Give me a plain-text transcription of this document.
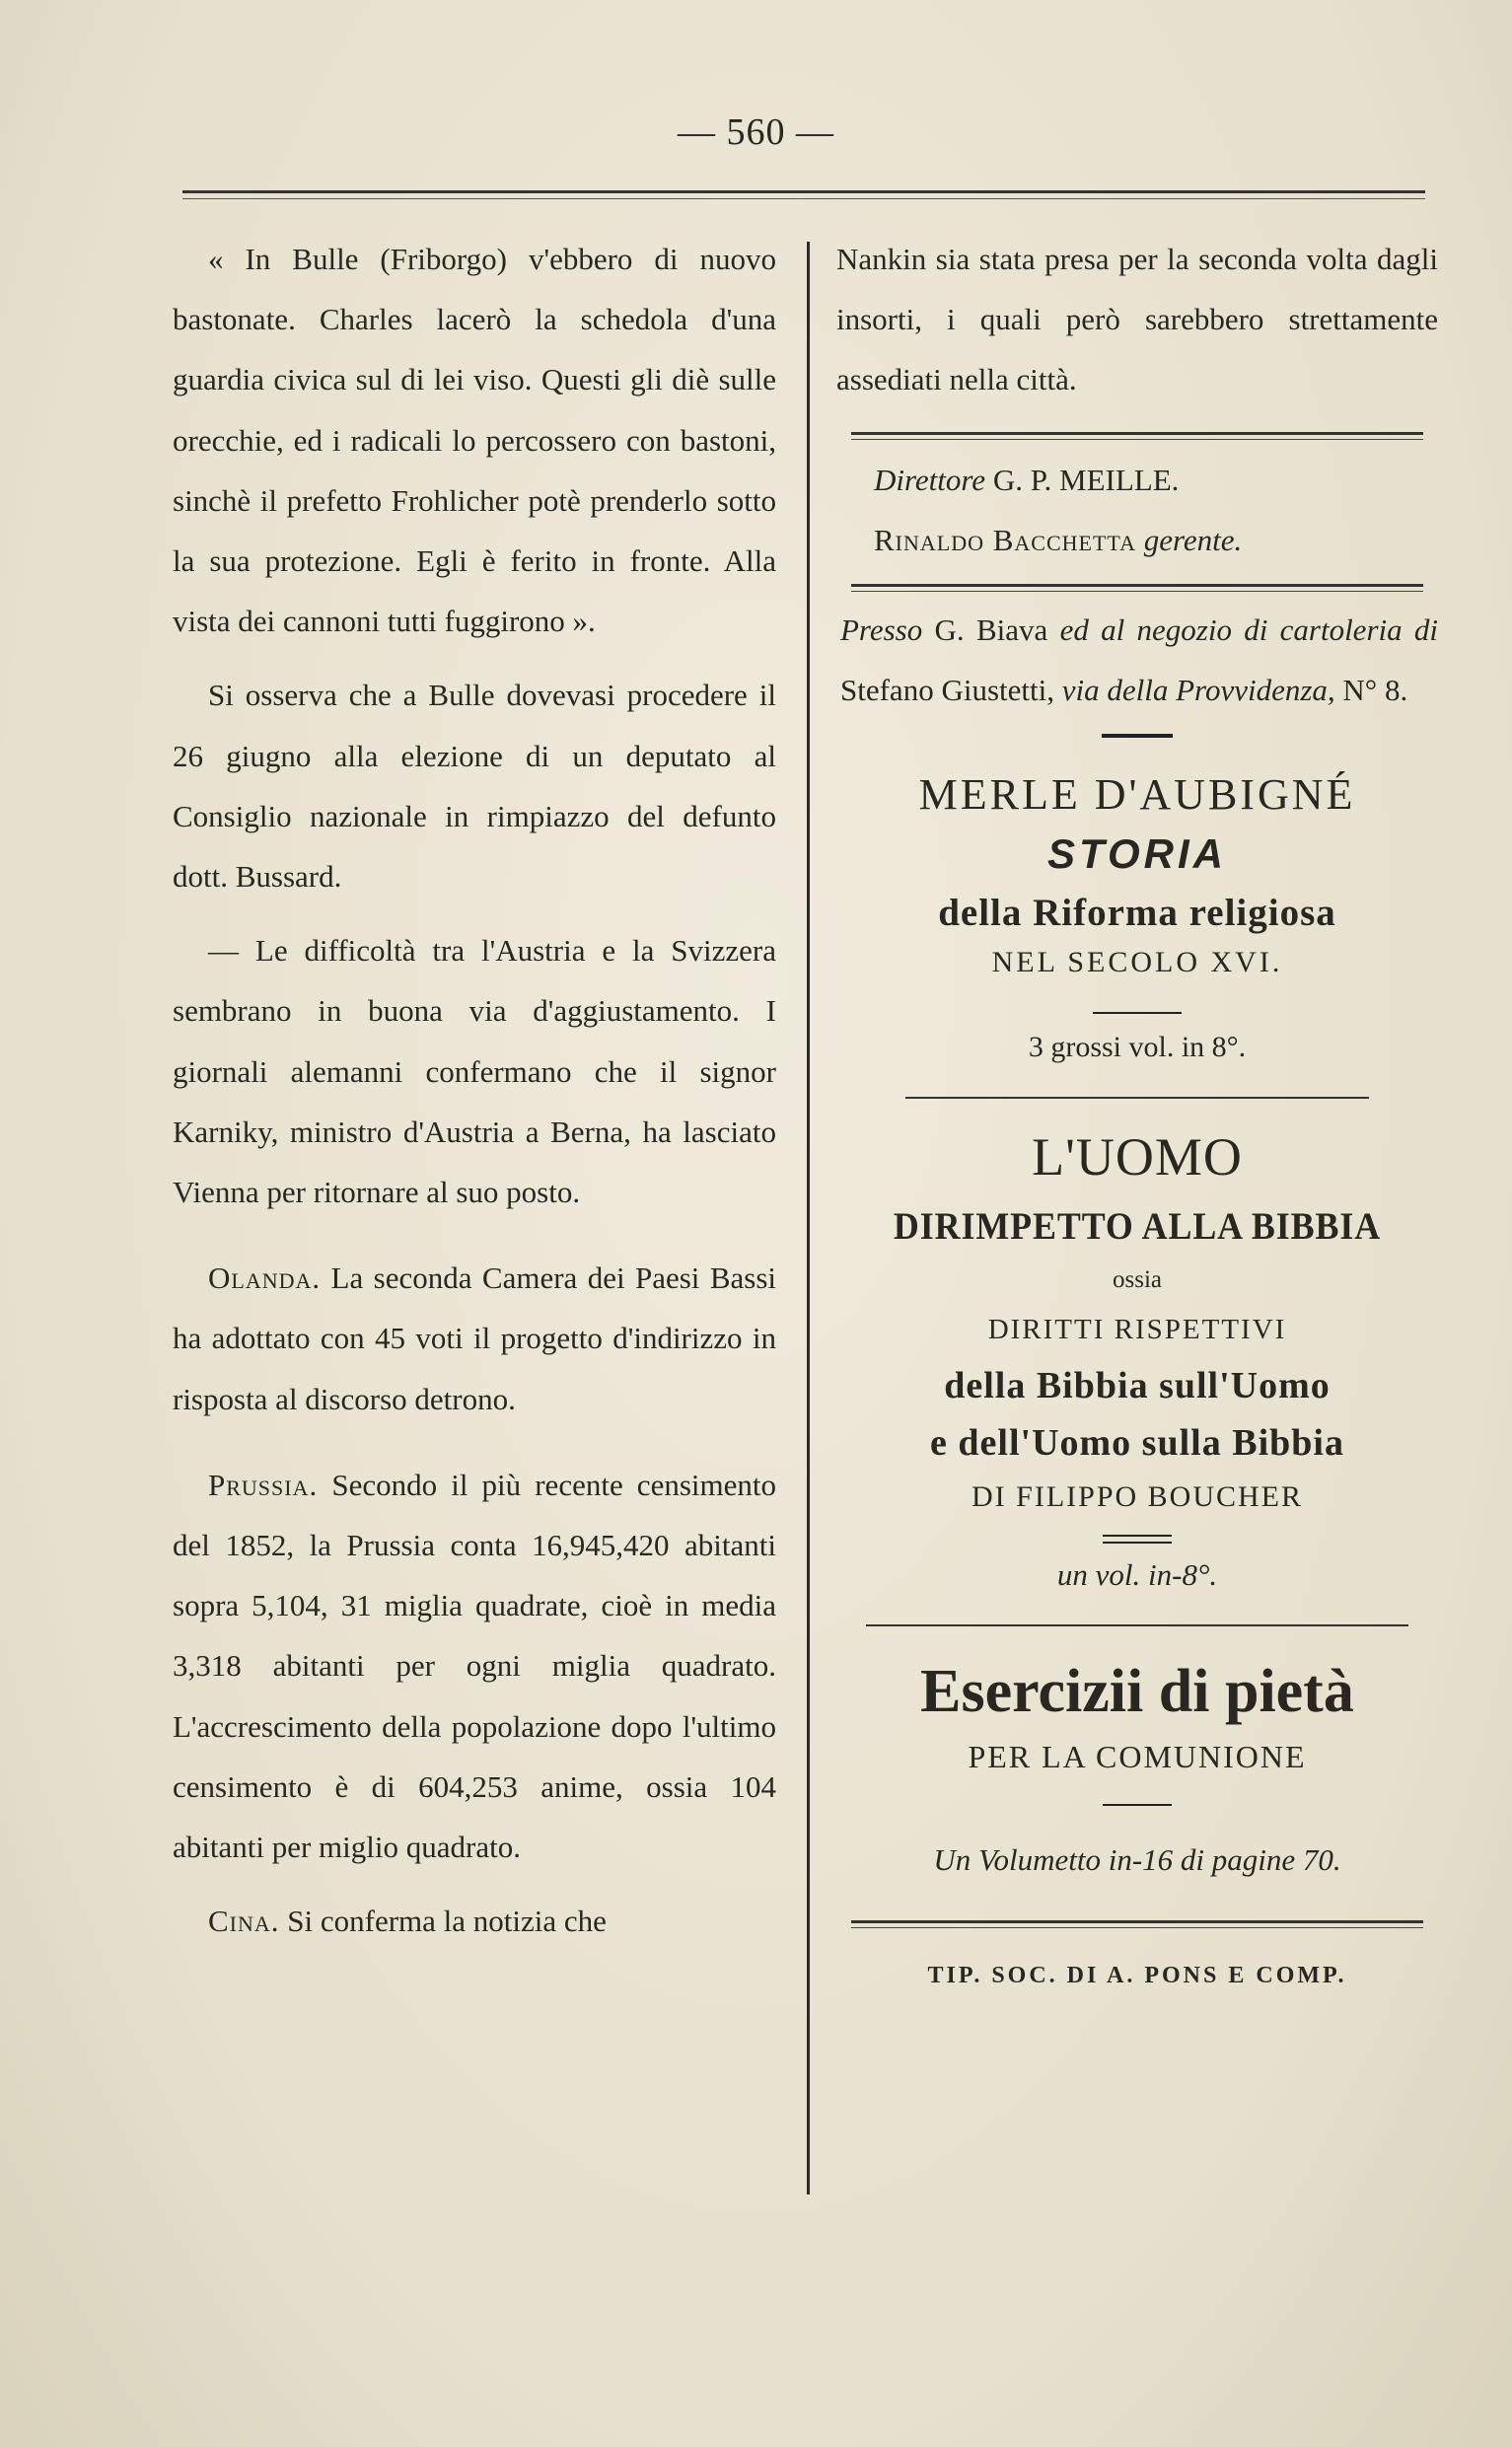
— 560 —

« In Bulle (Friborgo) v'ebbero di nuovo bastonate. Charles lacerò la schedola d'una guardia civica sul di lei viso. Questi gli diè sulle orecchie, ed i radicali lo percossero con bastoni, sinchè il prefetto Frohlicher potè prenderlo sotto la sua protezione. Egli è ferito in fronte. Alla vista dei cannoni tutti fuggirono ».

Si osserva che a Bulle dovevasi procedere il 26 giugno alla elezione di un deputato al Consiglio nazionale in rimpiazzo del defunto dott. Bussard.

— Le difficoltà tra l'Austria e la Svizzera sembrano in buona via d'aggiustamento. I giornali alemanni confermano che il signor Karniky, ministro d'Austria a Berna, ha lasciato Vienna per ritornare al suo posto.

Olanda. La seconda Camera dei Paesi Bassi ha adottato con 45 voti il progetto d'indirizzo in risposta al discorso detrono.

Prussia. Secondo il più recente censimento del 1852, la Prussia conta 16,945,420 abitanti sopra 5,104, 31 miglia quadrate, cioè in media 3,318 abitanti per ogni miglia quadrato. L'accrescimento della popolazione dopo l'ultimo censimento è di 604,253 anime, ossia 104 abitanti per miglio quadrato.

Cina. Si conferma la notizia che

Nankin sia stata presa per la seconda volta dagli insorti, i quali però sarebbero strettamente assediati nella città.

Direttore G. P. MEILLE.
Rinaldo Bacchetta gerente.

Presso G. Biava ed al negozio di cartoleria di Stefano Giustetti, via della Provvidenza, N° 8.

MERLE D'AUBIGNÉ
STORIA
della Riforma religiosa
NEL SECOLO XVI.
3 grossi vol. in 8°.
L'UOMO
DIRIMPETTO ALLA BIBBIA
ossia
DIRITTI RISPETTIVI
della Bibbia sull'Uomo
e dell'Uomo sulla Bibbia
DI FILIPPO BOUCHER
un vol. in-8°.
Esercizii di pietà
PER LA COMUNIONE
Un Volumetto in-16 di pagine 70.
TIP. SOC. DI A. PONS E COMP.
